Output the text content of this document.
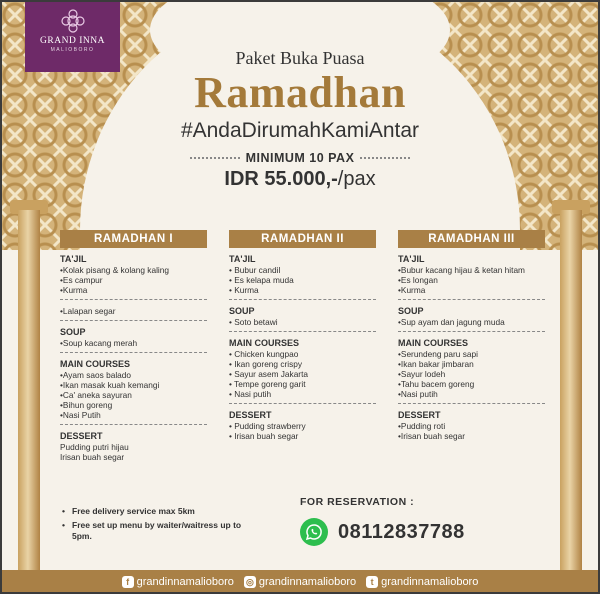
GRAND INNA
MALIOBORO	Paket Buka Puasa
Ramadhan
#AndaDirumahKamiAntar
MINIMUM 10 PAX
IDR 55.000,-/pax
RAMADHAN I
TA'JIL
•Kolak pisang & kolang kaling
•Es campur
•Kurma
•Lalapan segar
SOUP
•Soup kacang merah
MAIN COURSES
•Ayam saos balado
•Ikan masak kuah kemangi
•Ca' aneka sayuran
•Bihun goreng
•Nasi Putih
DESSERT
Pudding putri hijau
Irisan buah segar
RAMADHAN II
TA'JIL
• Bubur candil
• Es kelapa muda
• Kurma
SOUP
• Soto betawi
MAIN COURSES
• Chicken kungpao
• Ikan goreng crispy
• Sayur asem Jakarta
• Tempe goreng garit
• Nasi putih
DESSERT
• Pudding strawberry
• Irisan buah segar
RAMADHAN III
TA'JIL
•Bubur kacang hijau & ketan hitam
•Es longan
•Kurma
SOUP
•Sup ayam dan jagung muda
MAIN COURSES
•Serundeng paru sapi
•Ikan bakar jimbaran
•Sayur lodeh
•Tahu bacem goreng
•Nasi putih
DESSERT
•Pudding roti
•Irisan buah segar
• Free delivery service max 5km
• Free set up menu by waiter/waitress up to 5pm.
FOR RESERVATION :
08112837788
f grandinnamalioboro ◎ grandinnamalioboro	t grandinnamalioboro
